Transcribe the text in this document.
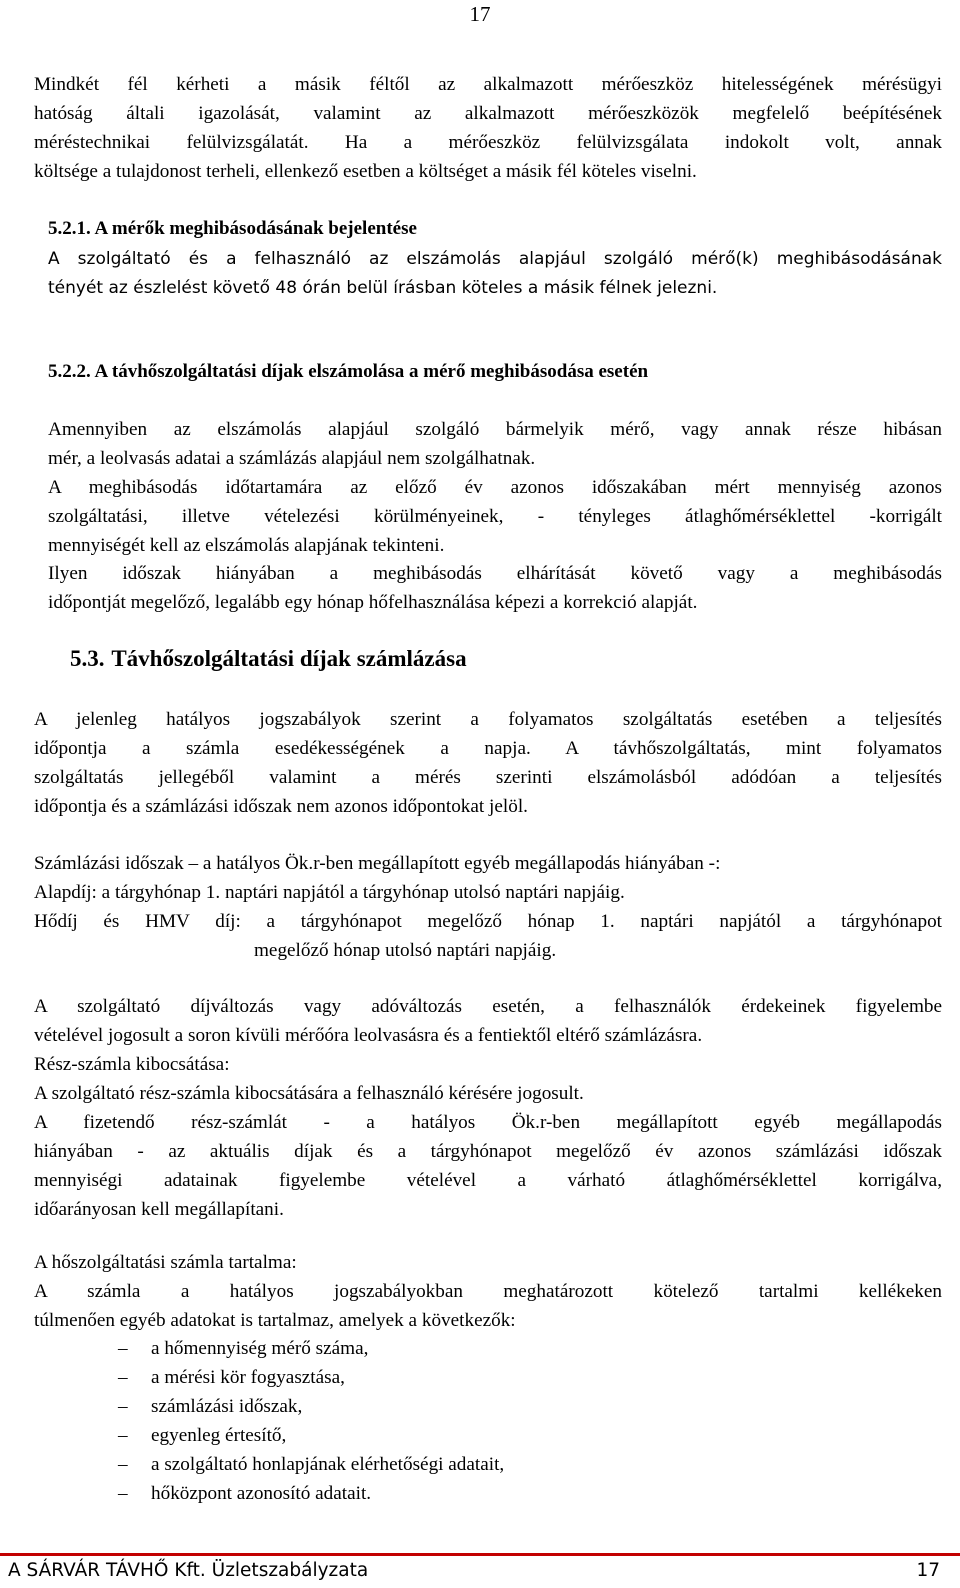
17
Mindkét fél kérheti a másik féltől az alkalmazott mérőeszköz hitelességének mérésügyi
hatóság általi igazolását, valamint az alkalmazott mérőeszközök megfelelő beépítésének
méréstechnikai felülvizsgálatát. Ha a mérőeszköz felülvizsgálata indokolt volt, annak
költsége a tulajdonost terheli, ellenkező esetben a költséget a másik fél köteles viselni.
5.2.1. A mérők meghibásodásának bejelentése
A szolgáltató és a felhasználó az elszámolás alapjául szolgáló mérő(k) meghibásodásának
tényét az észlelést követő 48 órán belül írásban köteles a másik félnek jelezni.
5.2.2. A távhőszolgáltatási díjak elszámolása a mérő meghibásodása esetén
Amennyiben az elszámolás alapjául szolgáló bármelyik mérő, vagy annak része hibásan
mér, a leolvasás adatai a számlázás alapjául nem szolgálhatnak.
A meghibásodás időtartamára az előző év azonos időszakában mért mennyiség azonos
szolgáltatási, illetve vételezési körülményeinek, - tényleges átlaghőmérséklettel -korrigált
mennyiségét kell az elszámolás alapjának tekinteni.
Ilyen időszak hiányában a meghibásodás elhárítását követő vagy a meghibásodás
időpontját megelőző, legalább egy hónap hőfelhasználása képezi a korrekció alapját.
5.3. Távhőszolgáltatási díjak számlázása
A jelenleg hatályos jogszabályok szerint a folyamatos szolgáltatás esetében a teljesítés
időpontja a számla esedékességének a napja. A távhőszolgáltatás, mint folyamatos
szolgáltatás jellegéből valamint a mérés szerinti elszámolásból adódóan a teljesítés
időpontja és a számlázási időszak nem azonos időpontokat jelöl.
Számlázási időszak – a hatályos Ök.r-ben megállapított egyéb megállapodás hiányában -:
Alapdíj: a tárgyhónap 1. naptári napjától a tárgyhónap utolsó naptári napjáig.
Hődíj és HMV díj: a tárgyhónapot megelőző hónap 1. naptári napjától a tárgyhónapot
megelőző hónap utolsó naptári napjáig.
A szolgáltató díjváltozás vagy adóváltozás esetén, a felhasználók érdekeinek figyelembe
vételével jogosult a soron kívüli mérőóra leolvasásra és a fentiektől eltérő számlázásra.
Rész-számla kibocsátása:
A szolgáltató rész-számla kibocsátására a felhasználó kérésére jogosult.
A fizetendő rész-számlát - a hatályos Ök.r-ben megállapított egyéb megállapodás
hiányában - az aktuális díjak és a tárgyhónapot megelőző év azonos számlázási időszak
mennyiségi adatainak figyelembe vételével a várható átlaghőmérséklettel korrigálva,
időarányosan kell megállapítani.
A hőszolgáltatási számla tartalma:
A számla a hatályos jogszabályokban meghatározott kötelező tartalmi kellékeken
túlmenően egyéb adatokat is tartalmaz, amelyek a következők:
– a hőmennyiség mérő száma,
– a mérési kör fogyasztása,
– számlázási időszak,
– egyenleg értesítő,
– a szolgáltató honlapjának elérhetőségi adatait,
– hőközpont azonosító adatait.
A SÁRVÁR TÁVHŐ Kft. Üzletszabályzata	17
